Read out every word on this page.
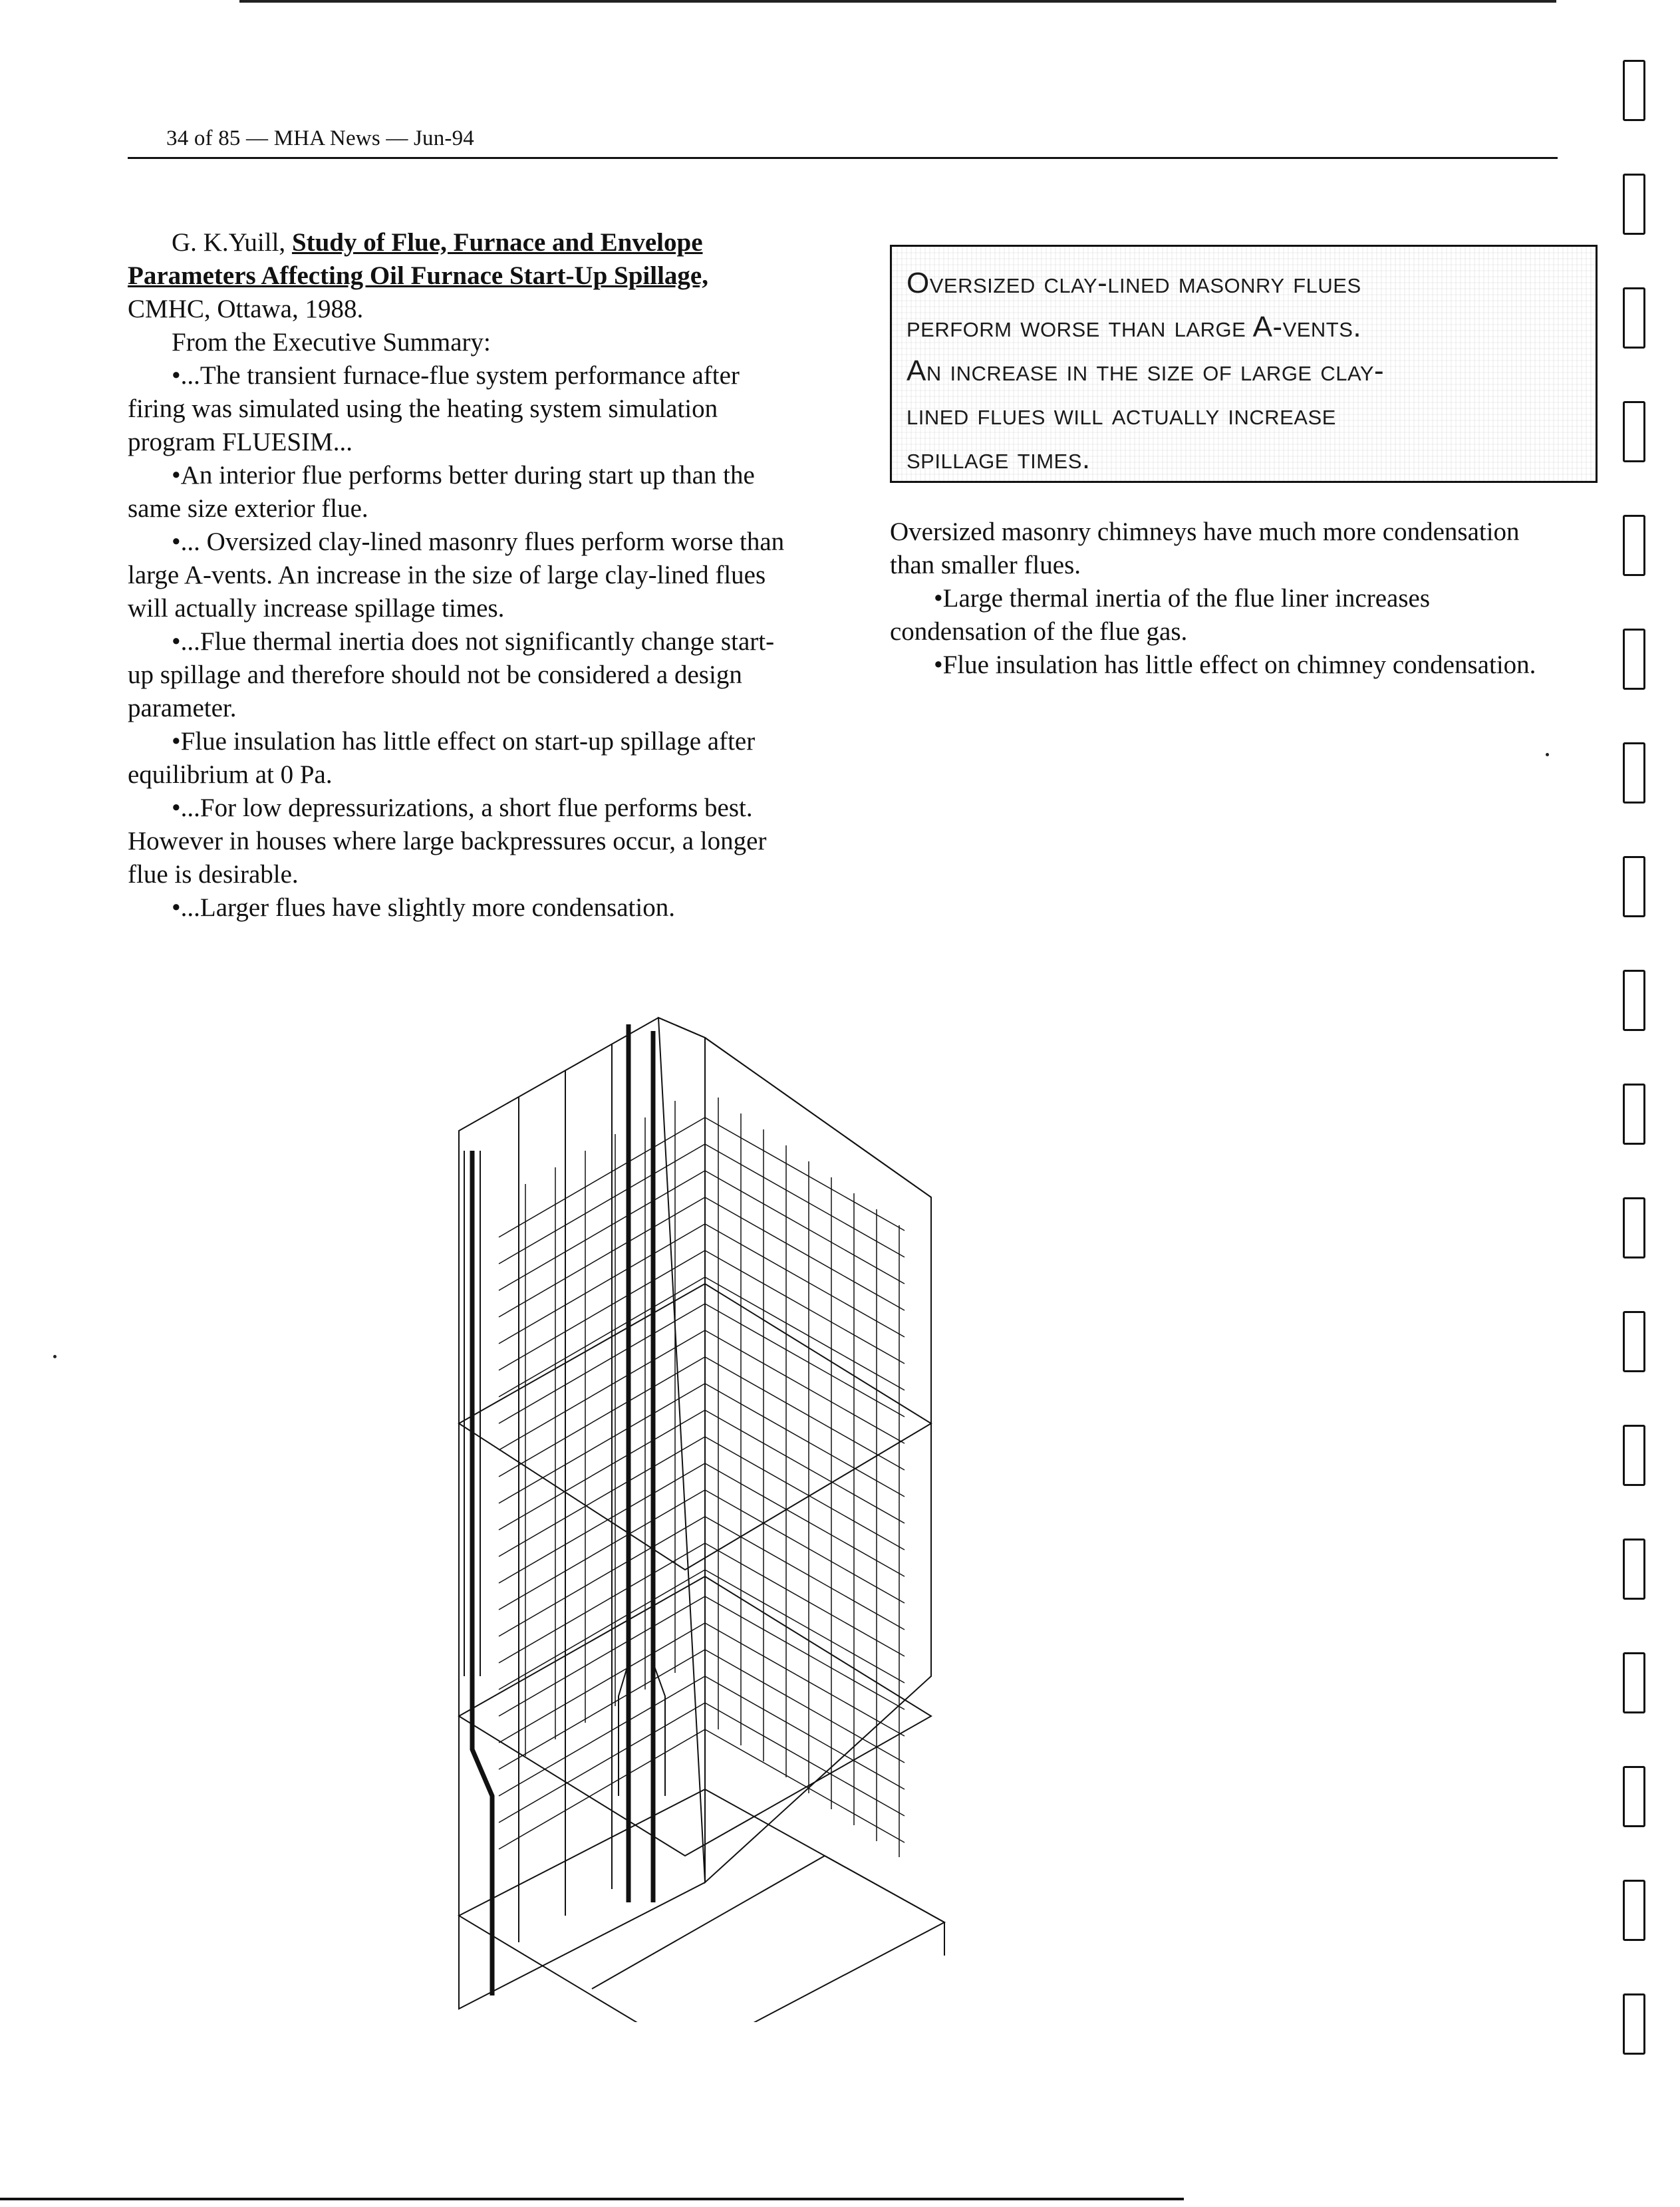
34 of 85 — MHA News — Jun-94

G. K.Yuill, Study of Flue, Furnace and Envelope Parameters Affecting Oil Furnace Start-Up Spillage,

CMHC, Ottawa, 1988.

From the Executive Summary:

•...The transient furnace-flue system performance after firing was simulated using the heating system simulation program FLUESIM...

•An interior flue performs better during start up than the same size exterior flue.

•... Oversized clay-lined masonry flues perform worse than large A-vents. An increase in the size of large clay-lined flues will actually increase spillage times.

•...Flue thermal inertia does not significantly change start-up spillage and therefore should not be considered a design parameter.

•Flue insulation has little effect on start-up spillage after equilibrium at 0 Pa.

•...For low depressurizations, a short flue performs best. However in houses where large backpressures occur, a longer flue is desirable.

•...Larger flues have slightly more condensation.

Oversized clay-lined masonry flues
perform worse than large A-vents.
An increase in the size of large clay-
lined flues will actually increase
spillage times.

Oversized masonry chimneys have much more condensation than smaller flues.

•Large thermal inertia of the flue liner increases condensation of the flue gas.

•Flue insulation has little effect on chimney condensation.
